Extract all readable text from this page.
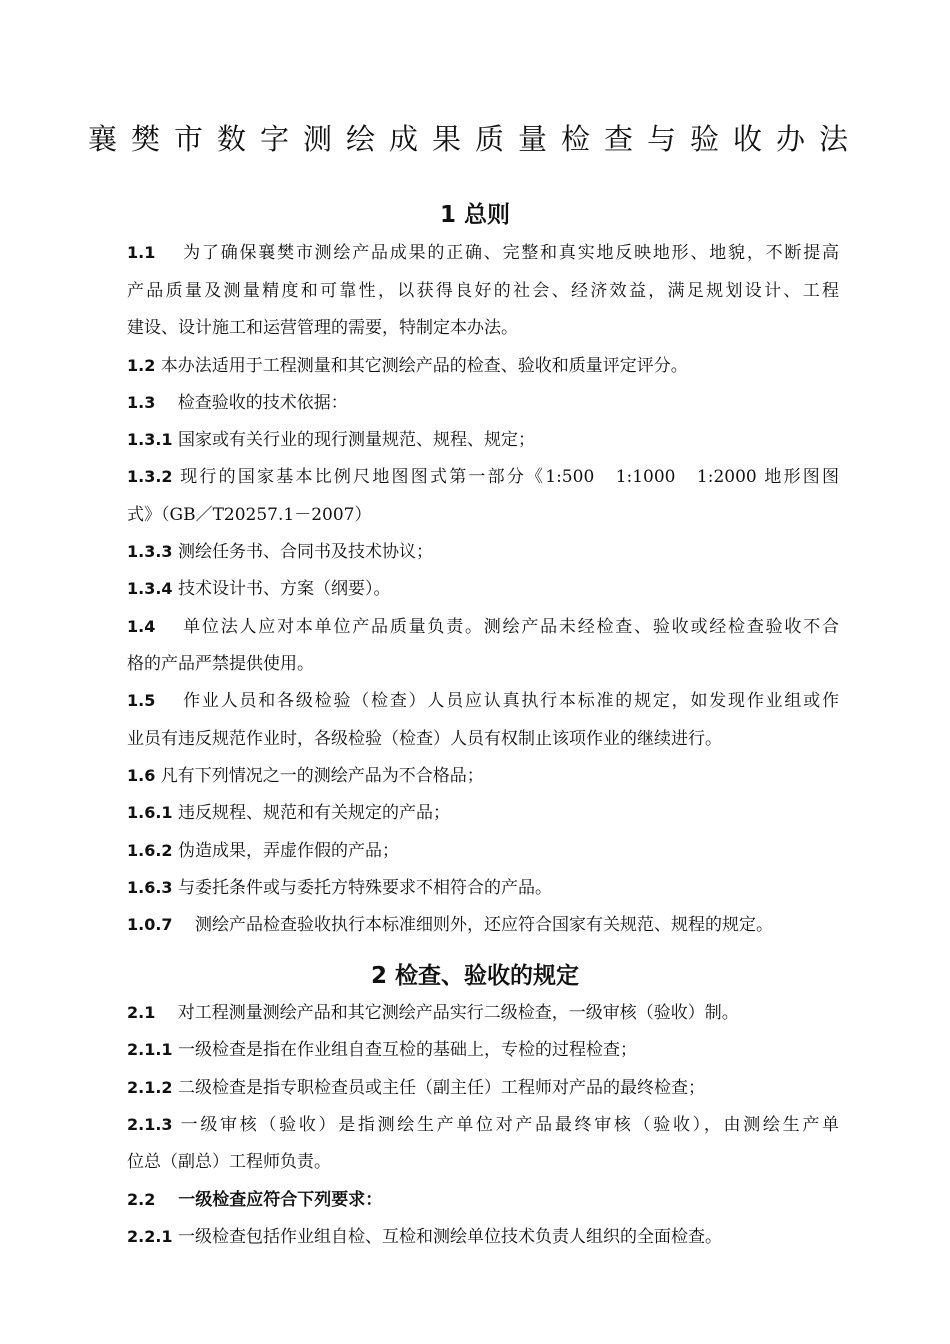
襄樊市数字测绘成果质量检查与验收办法
1 总则
1.1　 为了确保襄樊市测绘产品成果的正确、完整和真实地反映地形、地貌，不断提高
产品质量及测量精度和可靠性，以获得良好的社会、经济效益，满足规划设计、工程
建设、设计施工和运营管理的需要，特制定本办法。
1.2 本办法适用于工程测量和其它测绘产品的检查、验收和质量评定评分。
1.3　 检查验收的技术依据：
1.3.1 国家或有关行业的现行测量规范、规程、规定；
1.3.2 现行的国家基本比例尺地图图式第一部分《1:500　1:1000　1:2000 地形图图
式》（GB／T20257.1－2007）
1.3.3 测绘任务书、合同书及技术协议；
1.3.4 技术设计书、方案（纲要）。
1.4　 单位法人应对本单位产品质量负责。测绘产品未经检查、验收或经检查验收不合
格的产品严禁提供使用。
1.5　 作业人员和各级检验（检查）人员应认真执行本标准的规定，如发现作业组或作
业员有违反规范作业时，各级检验（检查）人员有权制止该项作业的继续进行。
1.6 凡有下列情况之一的测绘产品为不合格品；
1.6.1 违反规程、规范和有关规定的产品；
1.6.2 伪造成果，弄虚作假的产品；
1.6.3 与委托条件或与委托方特殊要求不相符合的产品。
1.0.7　 测绘产品检查验收执行本标准细则外，还应符合国家有关规范、规程的规定。
2 检查、验收的规定
2.1　 对工程测量测绘产品和其它测绘产品实行二级检查，一级审核（验收）制。
2.1.1 一级检查是指在作业组自查互检的基础上，专检的过程检查；
2.1.2 二级检查是指专职检查员或主任（副主任）工程师对产品的最终检查；
2.1.3 一级审核（验收）是指测绘生产单位对产品最终审核（验收），由测绘生产单
位总（副总）工程师负责。
2.2　 一级检查应符合下列要求：
2.2.1 一级检查包括作业组自检、互检和测绘单位技术负责人组织的全面检查。
